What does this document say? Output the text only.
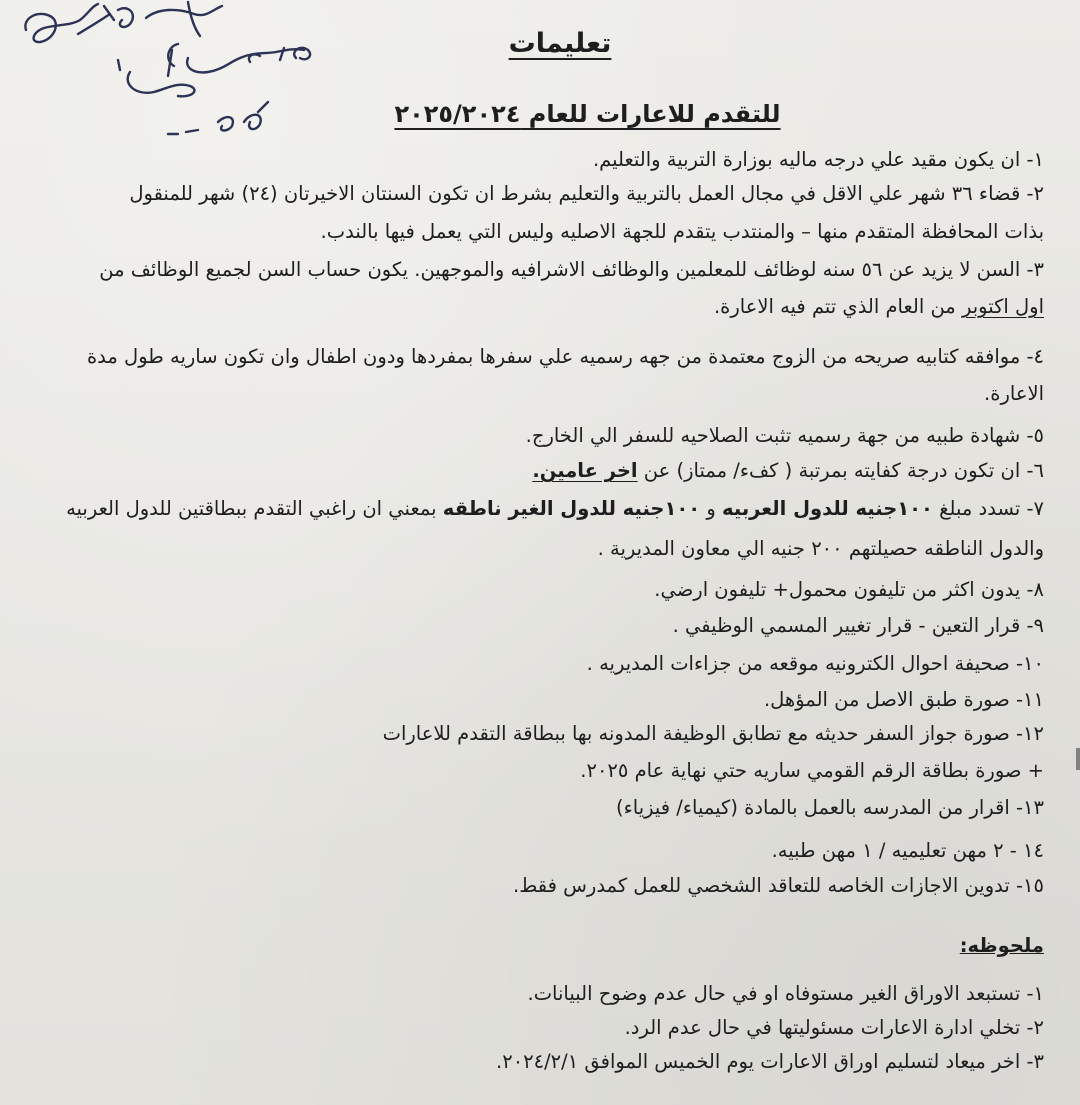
تعليمات
للتقدم للاعارات للعام ٢٠٢٥/٢٠٢٤
١- ان يكون مقيد علي درجه ماليه بوزارة التربية والتعليم.
٢- قضاء ٣٦ شهر علي الاقل في مجال العمل بالتربية والتعليم بشرط ان تكون السنتان الاخيرتان (٢٤) شهر للمنقول
بذات المحافظة المتقدم منها – والمنتدب يتقدم للجهة الاصليه وليس التي يعمل فيها بالندب.
٣- السن لا يزيد عن ٥٦ سنه لوظائف للمعلمين والوظائف الاشرافيه والموجهين. يكون حساب السن لجميع الوظائف من
اول اكتوبر من العام الذي تتم فيه الاعارة.
٤- موافقه كتابيه صريحه من الزوج معتمدة من جهه رسميه علي سفرها بمفردها ودون اطفال وان تكون ساريه طول مدة
الاعارة.
٥- شهادة طبيه من جهة رسميه تثبت الصلاحيه للسفر الي الخارج.
٦- ان تكون درجة كفايته بمرتبة ( كفء/ ممتاز) عن اخر عامين.
٧- تسدد مبلغ ١٠٠جنيه للدول العربيه و ١٠٠جنيه للدول الغير ناطقه بمعني ان راغبي التقدم ببطاقتين للدول العربيه
والدول الناطقه حصيلتهم ٢٠٠ جنيه الي معاون المديرية .
٨- يدون اكثر من تليفون محمول+ تليفون ارضي.
٩- قرار التعين - قرار تغيير المسمي الوظيفي .
١٠- صحيفة احوال الكترونيه موقعه من جزاءات المديريه .
١١- صورة طبق الاصل من المؤهل.
١٢- صورة جواز السفر حديثه مع تطابق الوظيفة المدونه بها ببطاقة التقدم للاعارات
+ صورة بطاقة الرقم القومي ساريه حتي نهاية عام ٢٠٢٥.
١٣- اقرار من المدرسه بالعمل بالمادة (كيمياء/ فيزياء)
١٤ - ٢ مهن تعليميه / ١ مهن طبيه.
١٥- تدوين الاجازات الخاصه للتعاقد الشخصي للعمل كمدرس فقط.
ملحوظه:
١- تستبعد الاوراق الغير مستوفاه او في حال عدم وضوح البيانات.
٢- تخلي ادارة الاعارات مسئوليتها في حال عدم الرد.
٣- اخر ميعاد لتسليم اوراق الاعارات يوم الخميس الموافق ٢٠٢٤/٢/١.
